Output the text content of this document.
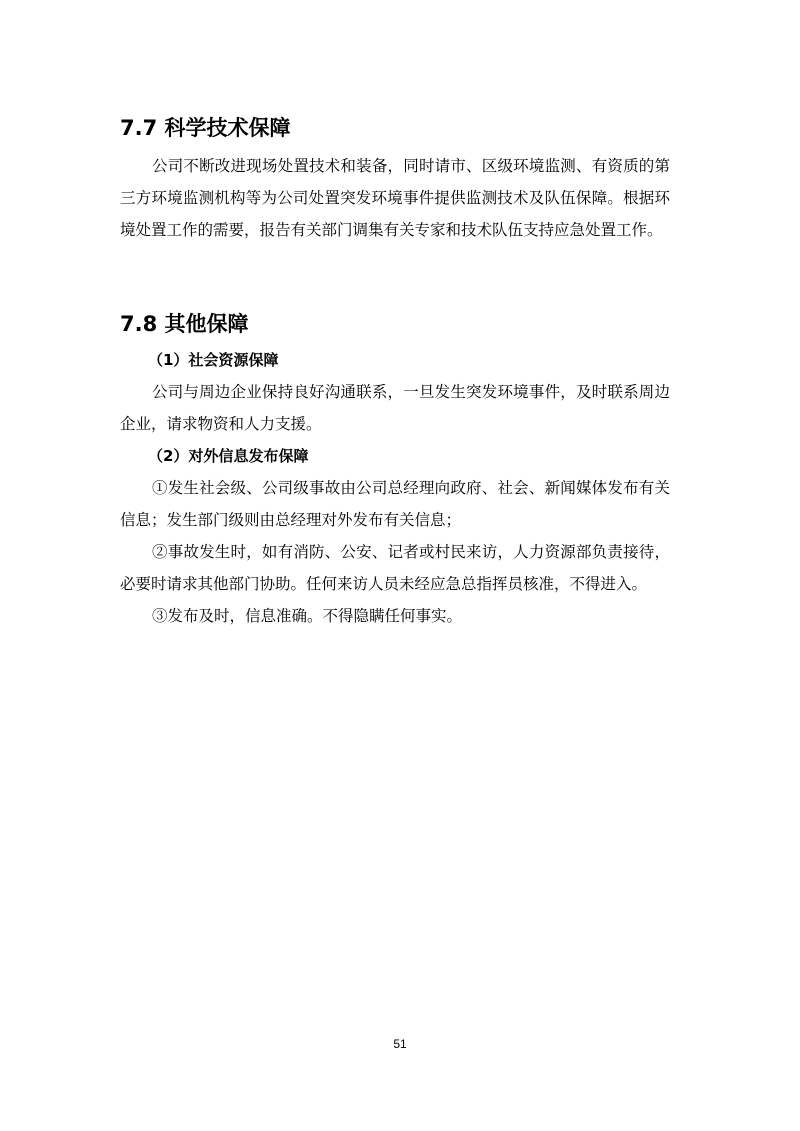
7.7 科学技术保障

公司不断改进现场处置技术和装备，同时请市、区级环境监测、有资质的第三方环境监测机构等为公司处置突发环境事件提供监测技术及队伍保障。根据环境处置工作的需要，报告有关部门调集有关专家和技术队伍支持应急处置工作。

7.8 其他保障
（1）社会资源保障

公司与周边企业保持良好沟通联系，一旦发生突发环境事件，及时联系周边企业，请求物资和人力支援。

（2）对外信息发布保障

①发生社会级、公司级事故由公司总经理向政府、社会、新闻媒体发布有关信息；发生部门级则由总经理对外发布有关信息；

②事故发生时，如有消防、公安、记者或村民来访，人力资源部负责接待，必要时请求其他部门协助。任何来访人员未经应急总指挥员核准，不得进入。

③发布及时，信息准确。不得隐瞒任何事实。

51
